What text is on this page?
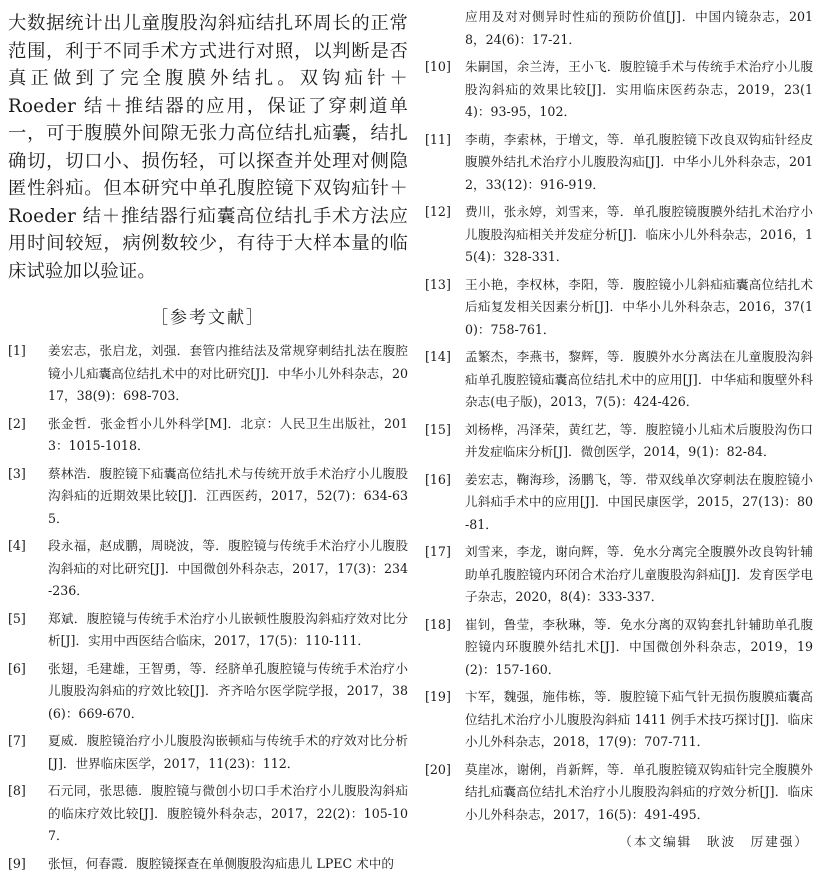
大数据统计出儿童腹股沟斜疝结扎环周长的正常范围，利于不同手术方式进行对照，以判断是否真正做到了完全腹膜外结扎。双钩疝针＋Roeder 结＋推结器的应用，保证了穿刺道单一，可于腹膜外间隙无张力高位结扎疝囊，结扎确切，切口小、损伤轻，可以探查并处理对侧隐匿性斜疝。但本研究中单孔腹腔镜下双钩疝针＋Roeder 结＋推结器行疝囊高位结扎手术方法应用时间较短，病例数较少，有待于大样本量的临床试验加以验证。

［参考文献］
[1]	姜宏志，张启龙，刘强．套管内推结法及常规穿刺结扎法在腹腔镜小儿疝囊高位结扎术中的对比研究[J]．中华小儿外科杂志，2017，38(9)：698-703．
[2]	张金哲．张金哲小儿外科学[M]．北京：人民卫生出版社，2013：1015-1018．
[3]	蔡林浩．腹腔镜下疝囊高位结扎术与传统开放手术治疗小儿腹股沟斜疝的近期效果比较[J]．江西医药，2017，52(7)：634-635．
[4]	段永福，赵成鹏，周晓波，等．腹腔镜与传统手术治疗小儿腹股沟斜疝的对比研究[J]．中国微创外科杂志，2017，17(3)：234-236．
[5]	郑斌．腹腔镜与传统手术治疗小儿嵌顿性腹股沟斜疝疗效对比分析[J]．实用中西医结合临床，2017，17(5)：110-111．
[6]	张翅，毛建雄，王智勇，等．经脐单孔腹腔镜与传统手术治疗小儿腹股沟斜疝的疗效比较[J]．齐齐哈尔医学院学报，2017，38(6)：669-670．
[7]	夏威．腹腔镜治疗小儿腹股沟嵌顿疝与传统手术的疗效对比分析[J]．世界临床医学，2017，11(23)：112．
[8]	石元同，张思德．腹腔镜与微创小切口手术治疗小儿腹股沟斜疝的临床疗效比较[J]．腹腔镜外科杂志，2017，22(2)：105-107．
[9]	张恒，何春霞．腹腔镜探查在单侧腹股沟疝患儿 LPEC 术中的
应用及对对侧异时性疝的预防价值[J]．中国内镜杂志，2018，24(6)：17-21．
[10]	朱嗣国，余兰涛，王小飞．腹腔镜手术与传统手术治疗小儿腹股沟斜疝的效果比较[J]．实用临床医药杂志，2019，23(14)：93-95，102．
[11]	李萌，李索林，于增文，等．单孔腹腔镜下改良双钩疝针经皮腹膜外结扎术治疗小儿腹股沟疝[J]．中华小儿外科杂志，2012，33(12)：916-919．
[12]	费川，张永婷，刘雪来，等．单孔腹腔镜腹膜外结扎术治疗小儿腹股沟疝相关并发症分析[J]．临床小儿外科杂志，2016，15(4)：328-331．
[13]	王小艳，李权林，李阳，等．腹腔镜小儿斜疝疝囊高位结扎术后疝复发相关因素分析[J]．中华小儿外科杂志，2016，37(10)：758-761．
[14]	孟繁杰，李燕书，黎辉，等．腹膜外水分离法在儿童腹股沟斜疝单孔腹腔镜疝囊高位结扎术中的应用[J]．中华疝和腹壁外科杂志(电子版)，2013，7(5)：424-426．
[15]	刘杨桦，冯泽荣，黄红艺，等．腹腔镜小儿疝术后腹股沟伤口并发症临床分析[J]．微创医学，2014，9(1)：82-84．
[16]	姜宏志，鞠海珍，汤鹏飞，等．带双线单次穿刺法在腹腔镜小儿斜疝手术中的应用[J]．中国民康医学，2015，27(13)：80-81．
[17]	刘雪来，李龙，谢向辉，等．免水分离完全腹膜外改良钩针辅助单孔腹腔镜内环闭合术治疗儿童腹股沟斜疝[J]．发育医学电子杂志，2020，8(4)：333-337．
[18]	崔钊，鲁莹，李秋琳，等．免水分离的双钩套扎针辅助单孔腹腔镜内环腹膜外结扎术[J]．中国微创外科杂志，2019，19(2)：157-160．
[19]	卞军，魏强，施伟栋，等．腹腔镜下疝气针无损伤腹膜疝囊高位结扎术治疗小儿腹股沟斜疝 1411 例手术技巧探讨[J]．临床小儿外科杂志，2018，17(9)：707-711．
[20]	莫崖冰，谢俐，肖新辉，等．单孔腹腔镜双钩疝针完全腹膜外结扎疝囊高位结扎术治疗小儿腹股沟斜疝的疗效分析[J]．临床小儿外科杂志，2017，16(5)：491-495．
（本文编辑　耿波　厉建强）
